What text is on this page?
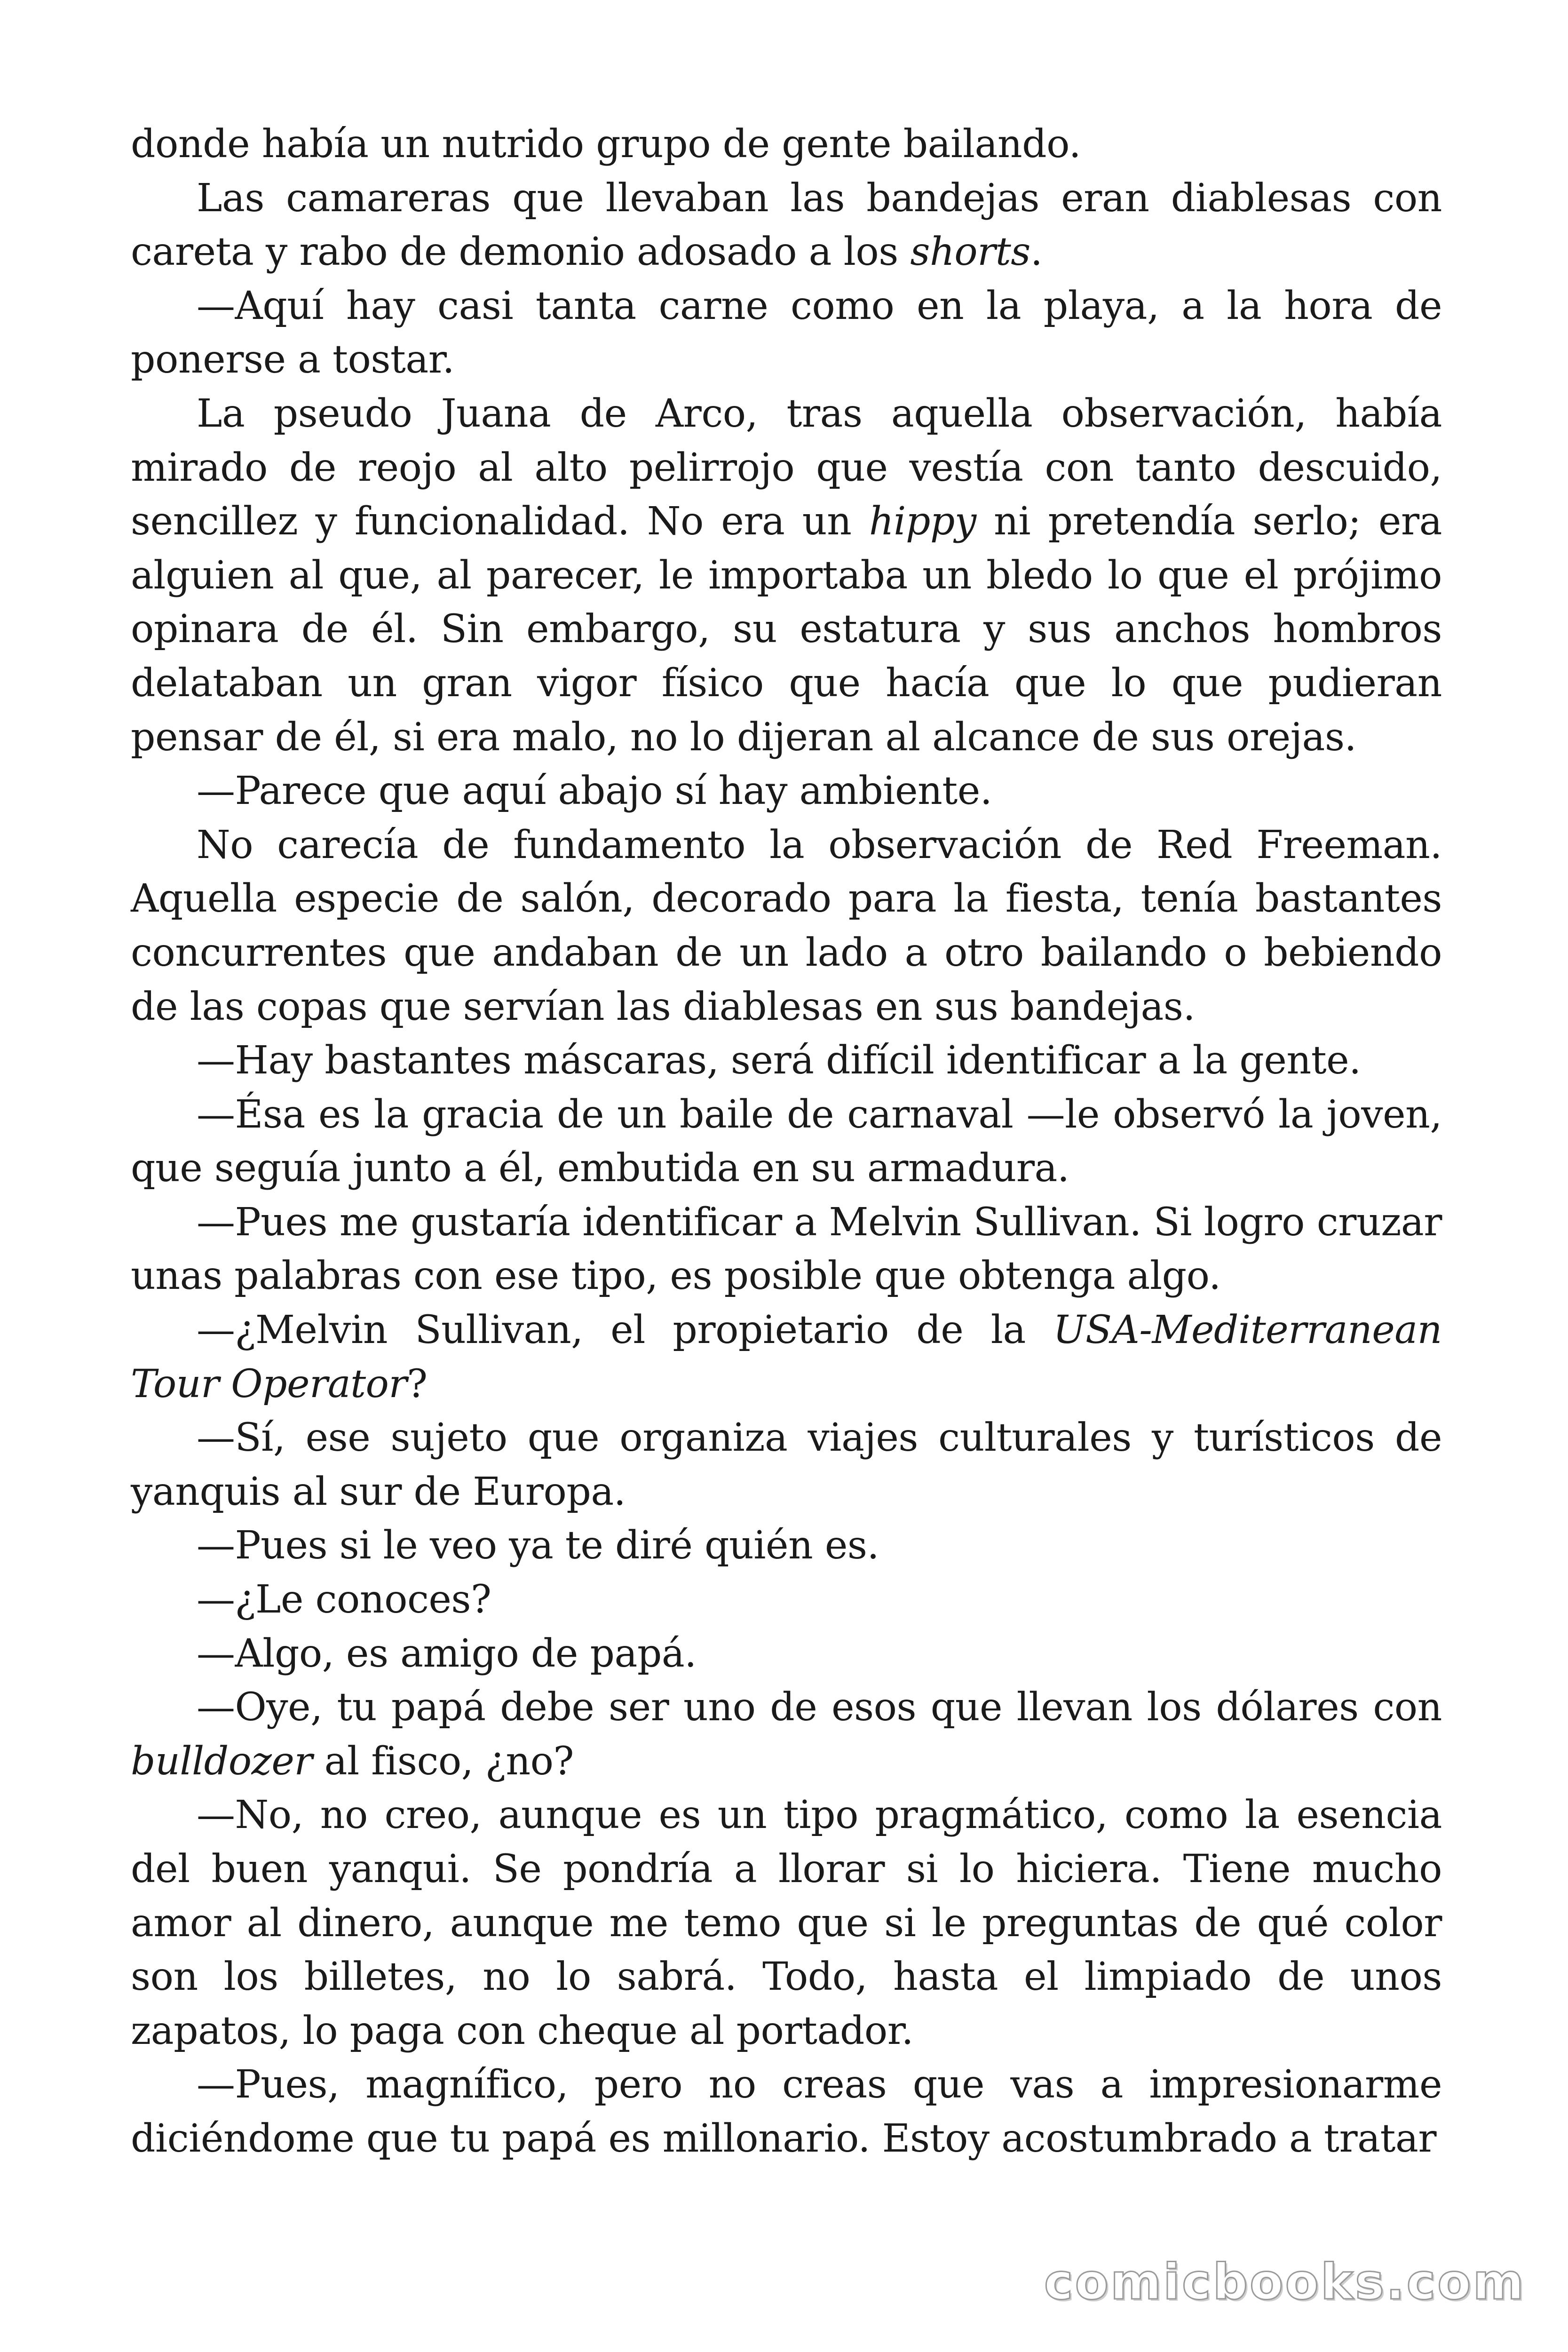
donde había un nutrido grupo de gente bailando.

Las camareras que llevaban las bandejas eran diablesas con careta y rabo de demonio adosado a los shorts.

—Aquí hay casi tanta carne como en la playa, a la hora de ponerse a tostar.

La pseudo Juana de Arco, tras aquella observación, había mirado de reojo al alto pelirrojo que vestía con tanto descuido, sencillez y funcionalidad. No era un hippy ni pretendía serlo; era alguien al que, al parecer, le importaba un bledo lo que el prójimo opinara de él. Sin embargo, su estatura y sus anchos hombros delataban un gran vigor físico que hacía que lo que pudieran pensar de él, si era malo, no lo dijeran al alcance de sus orejas.

—Parece que aquí abajo sí hay ambiente.

No carecía de fundamento la observación de Red Freeman. Aquella especie de salón, decorado para la fiesta, tenía bastantes concurrentes que andaban de un lado a otro bailando o bebiendo de las copas que servían las diablesas en sus bandejas.

—Hay bastantes máscaras, será difícil identificar a la gente.

—Ésa es la gracia de un baile de carnaval —le observó la joven, que seguía junto a él, embutida en su armadura.

—Pues me gustaría identificar a Melvin Sullivan. Si logro cruzar unas palabras con ese tipo, es posible que obtenga algo.

—¿Melvin Sullivan, el propietario de la USA-Mediterranean Tour Operator?

—Sí, ese sujeto que organiza viajes culturales y turísticos de yanquis al sur de Europa.

—Pues si le veo ya te diré quién es.

—¿Le conoces?

—Algo, es amigo de papá.

—Oye, tu papá debe ser uno de esos que llevan los dólares con bulldozer al fisco, ¿no?

—No, no creo, aunque es un tipo pragmático, como la esencia del buen yanqui. Se pondría a llorar si lo hiciera. Tiene mucho amor al dinero, aunque me temo que si le preguntas de qué color son los billetes, no lo sabrá. Todo, hasta el limpiado de unos zapatos, lo paga con cheque al portador.

—Pues, magnífico, pero no creas que vas a impresionarme diciéndome que tu papá es millonario. Estoy acostumbrado a tratar

comicbooks.com
